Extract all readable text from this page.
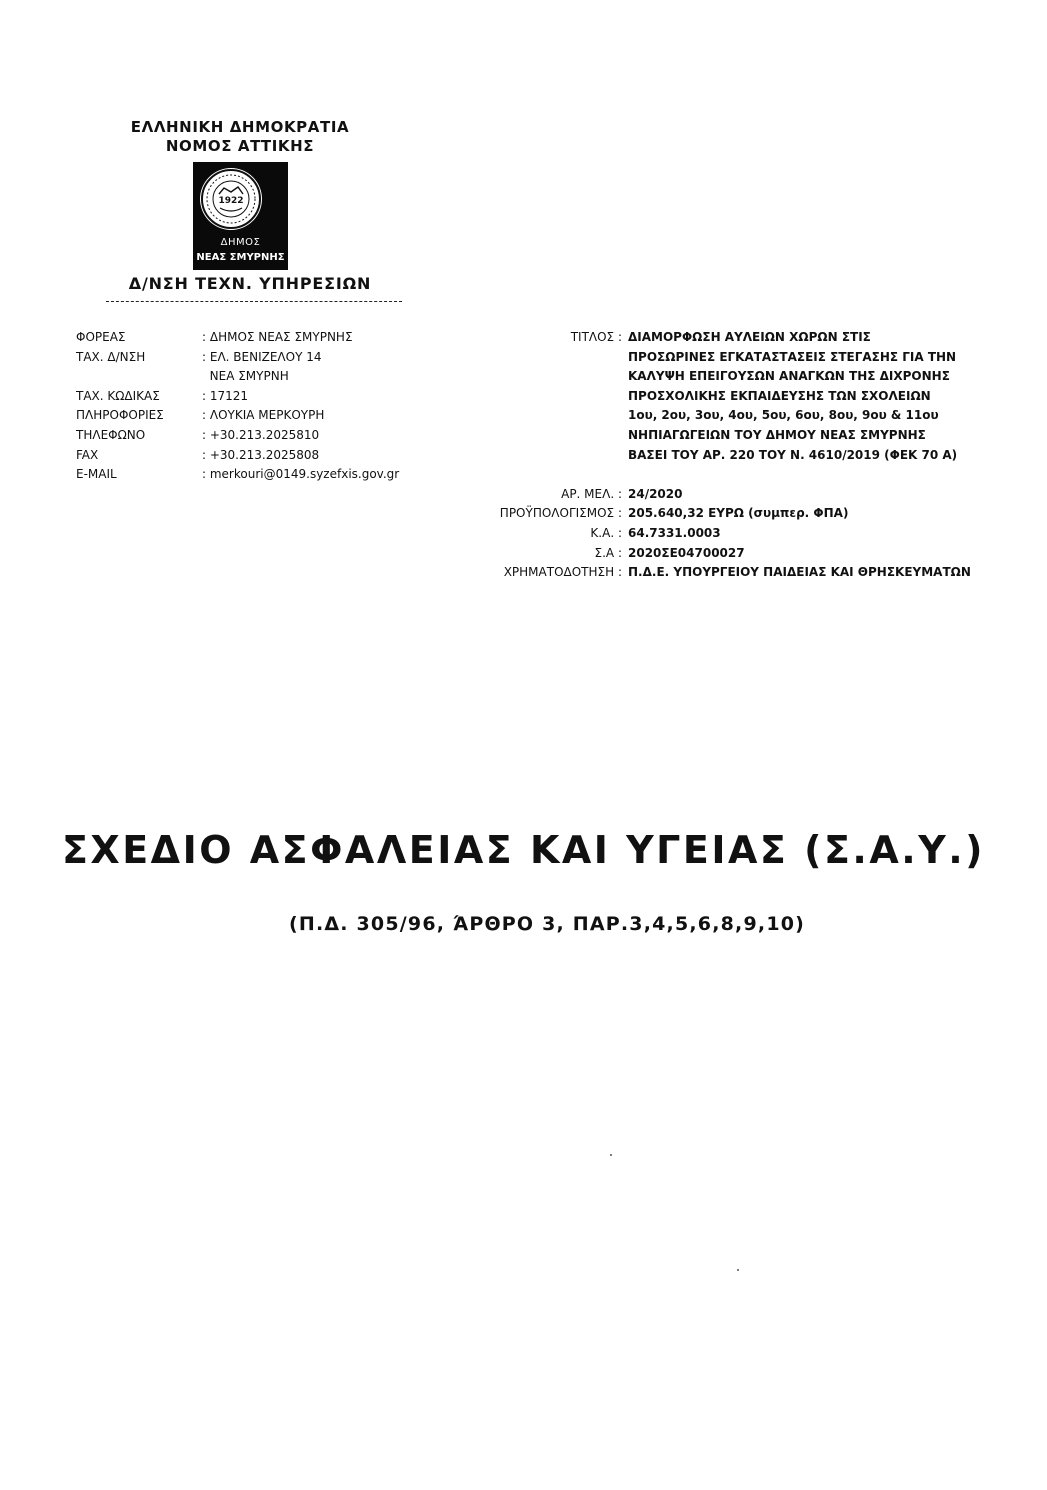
ΕΛΛΗΝΙΚΗ ΔΗΜΟΚΡΑΤΙΑ
ΝΟΜΟΣ ΑΤΤΙΚΗΣ
1922
ΔΗΜΟΣ
ΝΕΑΣ ΣΜΥΡΝΗΣ
Δ/ΝΣΗ ΤΕΧΝ. ΥΠΗΡΕΣΙΩΝ
ΦΟΡΕΑΣ	: ΔΗΜΟΣ ΝΕΑΣ ΣΜΥΡΝΗΣ
ΤΑΧ. Δ/ΝΣΗ	: ΕΛ. ΒΕΝΙΖΕΛΟΥ 14
ΝΕΑ ΣΜΥΡΝΗ
ΤΑΧ. ΚΩΔΙΚΑΣ	: 17121
ΠΛΗΡΟΦΟΡΙΕΣ	: ΛΟΥΚΙΑ ΜΕΡΚΟΥΡΗ
ΤΗΛΕΦΩΝΟ	: +30.213.2025810
FAX	: +30.213.2025808
E-MAIL	: merkouri@0149.syzefxis.gov.gr
ΤΙΤΛΟΣ : ΔΙΑΜΟΡΦΩΣΗ ΑΥΛΕΙΩΝ ΧΩΡΩΝ ΣΤΙΣ
ΠΡΟΣΩΡΙΝΕΣ ΕΓΚΑΤΑΣΤΑΣΕΙΣ ΣΤΕΓΑΣΗΣ ΓΙΑ ΤΗΝ
ΚΑΛΥΨΗ ΕΠΕΙΓΟΥΣΩΝ ΑΝΑΓΚΩΝ ΤΗΣ ΔΙΧΡΟΝΗΣ
ΠΡΟΣΧΟΛΙΚΗΣ ΕΚΠΑΙΔΕΥΣΗΣ ΤΩΝ ΣΧΟΛΕΙΩΝ
1ου, 2ου, 3ου, 4ου, 5ου, 6ου, 8ου, 9ου & 11ου
ΝΗΠΙΑΓΩΓΕΙΩΝ ΤΟΥ ΔΗΜΟΥ ΝΕΑΣ ΣΜΥΡΝΗΣ
ΒΑΣΕΙ ΤΟΥ ΑΡ. 220 ΤΟΥ Ν. 4610/2019 (ΦΕΚ 70 Α)
ΑΡ. ΜΕΛ. : 24/2020
ΠΡΟΫΠΟΛΟΓΙΣΜΟΣ : 205.640,32 ΕΥΡΩ (συμπερ. ΦΠΑ)
Κ.Α. : 64.7331.0003
Σ.Α : 2020ΣΕ04700027
ΧΡΗΜΑΤΟΔΟΤΗΣΗ : Π.Δ.Ε. ΥΠΟΥΡΓΕΙΟΥ ΠΑΙΔΕΙΑΣ ΚΑΙ ΘΡΗΣΚΕΥΜΑΤΩΝ
ΣΧΕΔΙΟ ΑΣΦΑΛΕΙΑΣ ΚΑΙ ΥΓΕΙΑΣ (Σ.Α.Υ.)
(Π.Δ. 305/96, ΆΡΘΡΟ 3, ΠΑΡ.3,4,5,6,8,9,10)
